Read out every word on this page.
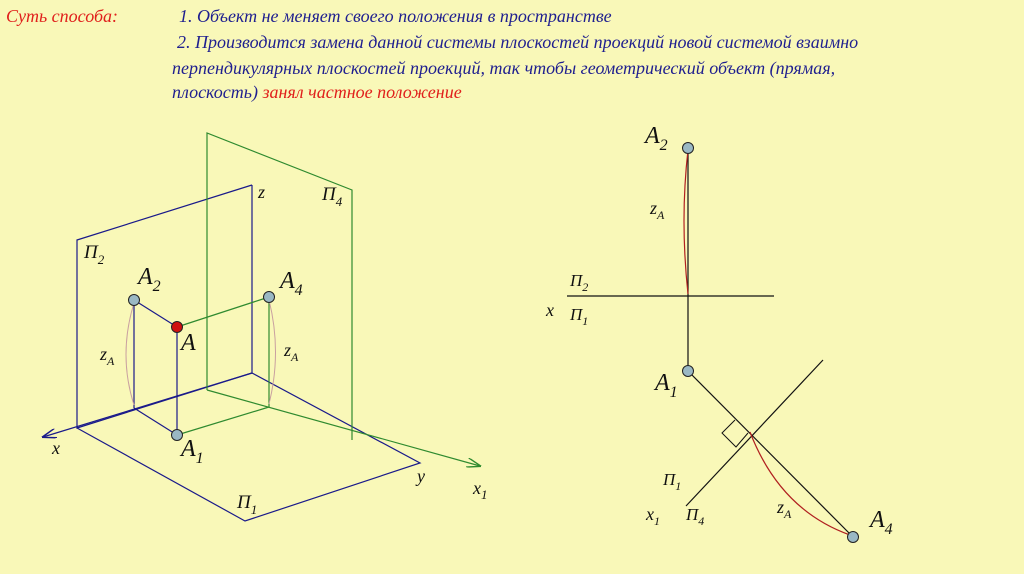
Суть способа:	1. Объект не меняет своего положения в пространстве
2. Производится замена данной системы плоскостей проекций новой системой взаимно
перпендикулярных плоскостей проекций, так чтобы геометрический объект (прямая,
плоскость) занял частное положение
$П_2$
$П_4$
$П_1$
z
x
y
$x_1$
$A_2$	$A_4$
A
$A_1$
$z_A$
$z_A$
$A_2$
$A_1$
$A_4$
$z_A$
$z_A$
x
$П_2$
$П_1$
$П_1$
$x_1$ $П_4$
